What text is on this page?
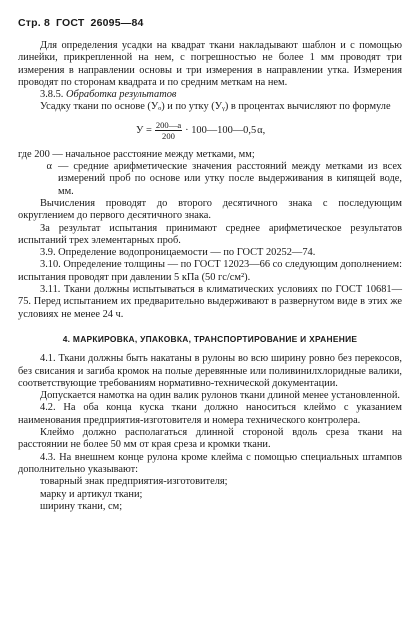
Стр. 8 ГОСТ 26095—84

Для определения усадки на квадрат ткани накладывают шаблон и с помощью линейки, прикрепленной на нем, с погрешностью не более 1 мм проводят три измерения в направлении основы и три измерения в направлении утка. Измерения проводят по сторонам квадрата и по средним меткам на нем.

3.8.5. Обработка результатов

Усадку ткани по основе (Уₒ) и по утку (Уᵧ) в процентах вычисляют по формуле

$У = \frac{200—a}{200}$ · 100—100—0,5 α ,

где 200 — начальное расстояние между метками, мм;

α — средние арифметические значения расстояний между метками из всех измерений проб по основе или утку после выдерживания в кипящей воде, мм.

Вычисления проводят до второго десятичного знака с последующим округлением до первого десятичного знака.

За результат испытания принимают среднее арифметическое результатов испытаний трех элементарных проб.

3.9. Определение водопроницаемости — по ГОСТ 20252—74.

3.10. Определение толщины — по ГОСТ 12023—66 со следующим дополнением: испытания проводят при давлении 5 кПа (50 гс/см²).

3.11. Ткани должны испытываться в климатических условиях по ГОСТ 10681—75. Перед испытанием их предварительно выдерживают в развернутом виде в этих же условиях не менее 24 ч.

4. МАРКИРОВКА, УПАКОВКА, ТРАНСПОРТИРОВАНИЕ И ХРАНЕНИЕ

4.1. Ткани должны быть накатаны в рулоны во всю ширину ровно без перекосов, без свисания и загиба кромок на полые деревянные или поливинилхлоридные валики, соответствующие требованиям нормативно-технической документации.

Допускается намотка на один валик рулонов ткани длиной менее установленной.

4.2. На оба конца куска ткани должно наноситься клеймо с указанием наименования предприятия-изготовителя и номера технического контролера.

Клеймо должно располагаться длинной стороной вдоль среза ткани на расстоянии не более 50 мм от края среза и кромки ткани.

4.3. На внешнем конце рулона кроме клейма с помощью специальных штампов дополнительно указывают:

товарный знак предприятия-изготовителя;

марку и артикул ткани;

ширину ткани, см;
